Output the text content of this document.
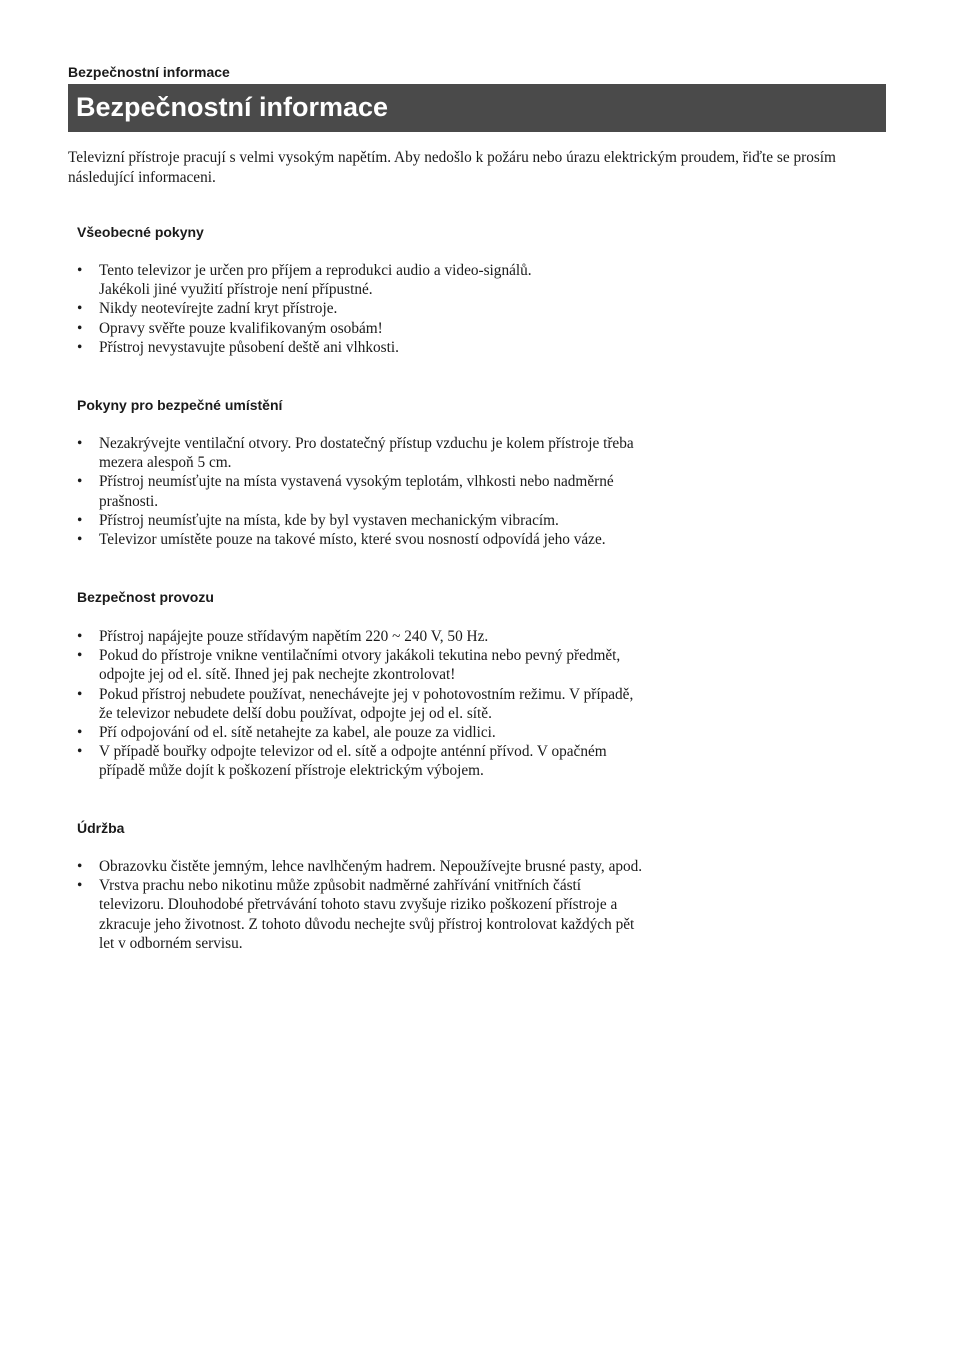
Bezpečnostní informace
Bezpečnostní informace

Televizní přístroje pracují s velmi vysokým napětím. Aby nedošlo k požáru nebo úrazu elektrickým proudem, řiďte se prosím následující informaceni.

Všeobecné pokyny
• Tento televizor je určen pro příjem a reprodukci audio a video-signálů.
Jakékoli jiné využití přístroje není přípustné.
• Nikdy neotevírejte zadní kryt přístroje.
• Opravy svěřte pouze kvalifikovaným osobám!
• Přístroj nevystavujte působení deště ani vlhkosti.
Pokyny pro bezpečné umístění
• Nezakrývejte ventilační otvory. Pro dostatečný přístup vzduchu je kolem přístroje třeba
mezera alespoň 5 cm.
• Přístroj neumísťujte na místa vystavená vysokým teplotám, vlhkosti nebo nadměrné
prašnosti.
• Přístroj neumísťujte na místa, kde by byl vystaven mechanickým vibracím.
• Televizor umístěte pouze na takové místo, které svou nosností odpovídá jeho váze.
Bezpečnost provozu
• Přístroj napájejte pouze střídavým napětím 220 ~ 240 V, 50 Hz.
• Pokud do přístroje vnikne ventilačními otvory jakákoli tekutina nebo pevný předmět,
odpojte jej od el. sítě. Ihned jej pak nechejte zkontrolovat!
• Pokud přístroj nebudete používat, nenechávejte jej v pohotovostním režimu. V případě,
že televizor nebudete delší dobu používat, odpojte jej od el. sítě.
• Pří odpojování od el. sítě netahejte za kabel, ale pouze za vidlici.
• V případě bouřky odpojte televizor od el. sítě a odpojte anténní přívod. V opačném
případě může dojít k poškození přístroje elektrickým výbojem.
Údržba
• Obrazovku čistěte jemným, lehce navlhčeným hadrem. Nepoužívejte brusné pasty, apod.
• Vrstva prachu nebo nikotinu může způsobit nadměrné zahřívání vnitřních částí
televizoru. Dlouhodobé přetrvávání tohoto stavu zvyšuje riziko poškození přístroje a
zkracuje jeho životnost. Z tohoto důvodu nechejte svůj přístroj kontrolovat každých pět
let v odborném servisu.
